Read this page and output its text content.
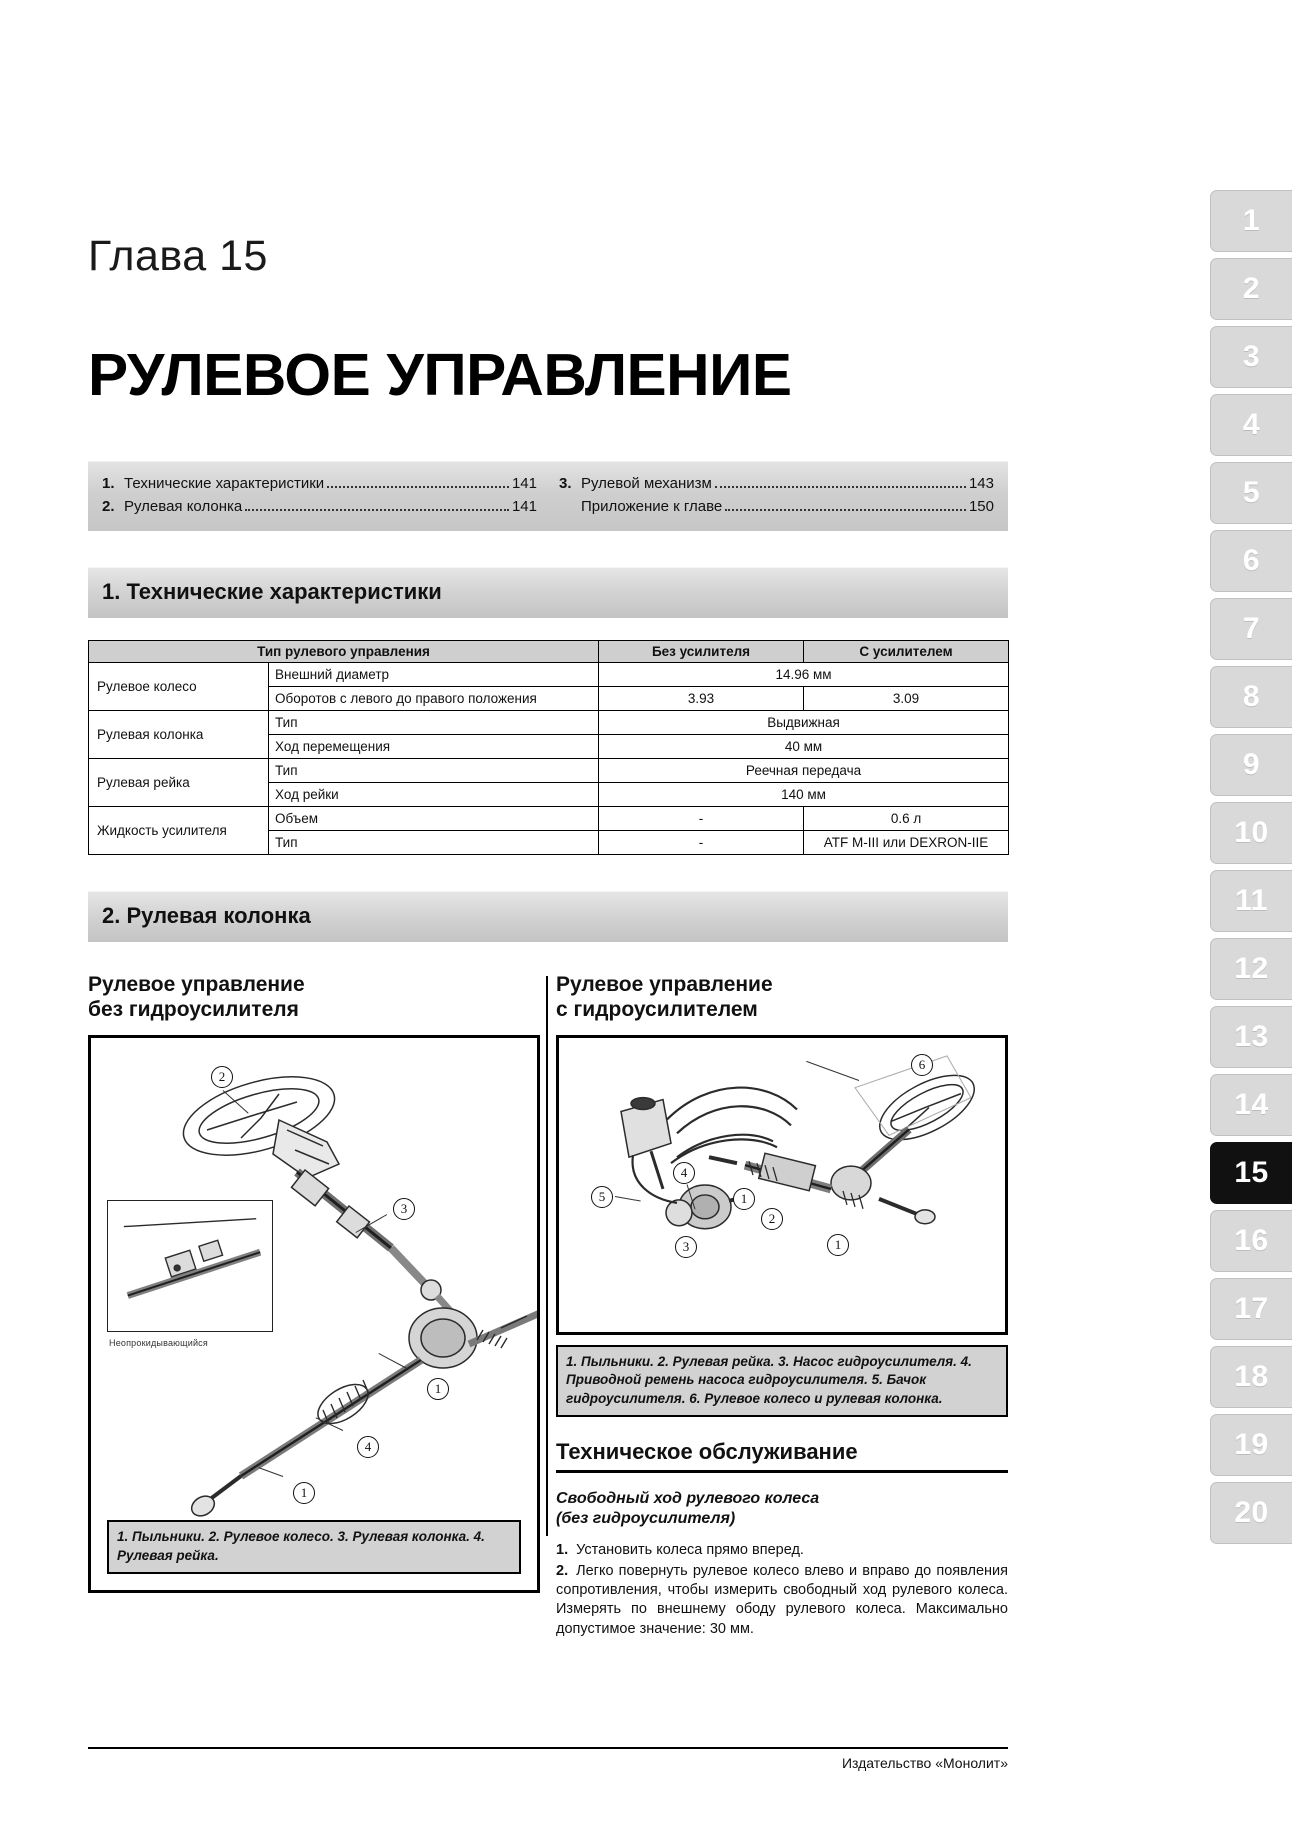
1
2
3
4
5
6
7
8
9
10
11
12
13
14
15
16
17
18
19
20
Глава 15
РУЛЕВОЕ УПРАВЛЕНИЕ
1. Технические характеристики	141
2. Рулевая колонка	141
3. Рулевой механизм	143
Приложение к главе	150
1. Технические характеристики
Тип рулевого управления		Без усилителя	С усилителем
Рулевое колесо	Внешний диаметр	14.96 мм	
	Оборотов с левого до правого положения	3.93	3.09
Рулевая колонка	Тип	Выдвижная	
	Ход перемещения	40 мм	
Рулевая рейка	Тип	Реечная передача	
	Ход рейки	140 мм	
Жидкость усилителя	Объем	-	0.6 л
	Тип	-	ATF M-III или DEXRON-IIE
2. Рулевая колонка
Рулевое управление
без гидроусилителя
Неопрокидывающийся
2
3
1
4
1
1. Пыльники. 2. Рулевое колесо. 3. Рулевая колонка. 4. Рулевая рейка.
Рулевое управление
с гидроусилителем
6
5
4
1
2
3	1
1. Пыльники. 2. Рулевая рейка. 3. Насос гидроусилителя. 4. Приводной ремень насоса гидроусилителя. 5. Бачок гидроусилителя. 6. Рулевое колесо и рулевая колонка.
Техническое обслуживание
Свободный ход рулевого колеса
(без гидроусилителя)
1. Установить колеса прямо вперед.
2. Легко повернуть рулевое колесо влево и вправо до появления сопротивления, чтобы измерить свободный ход рулевого колеса. Измерять по внешнему ободу рулевого колеса. Максимально допустимое значение: 30 мм.
Издательство «Монолит»
